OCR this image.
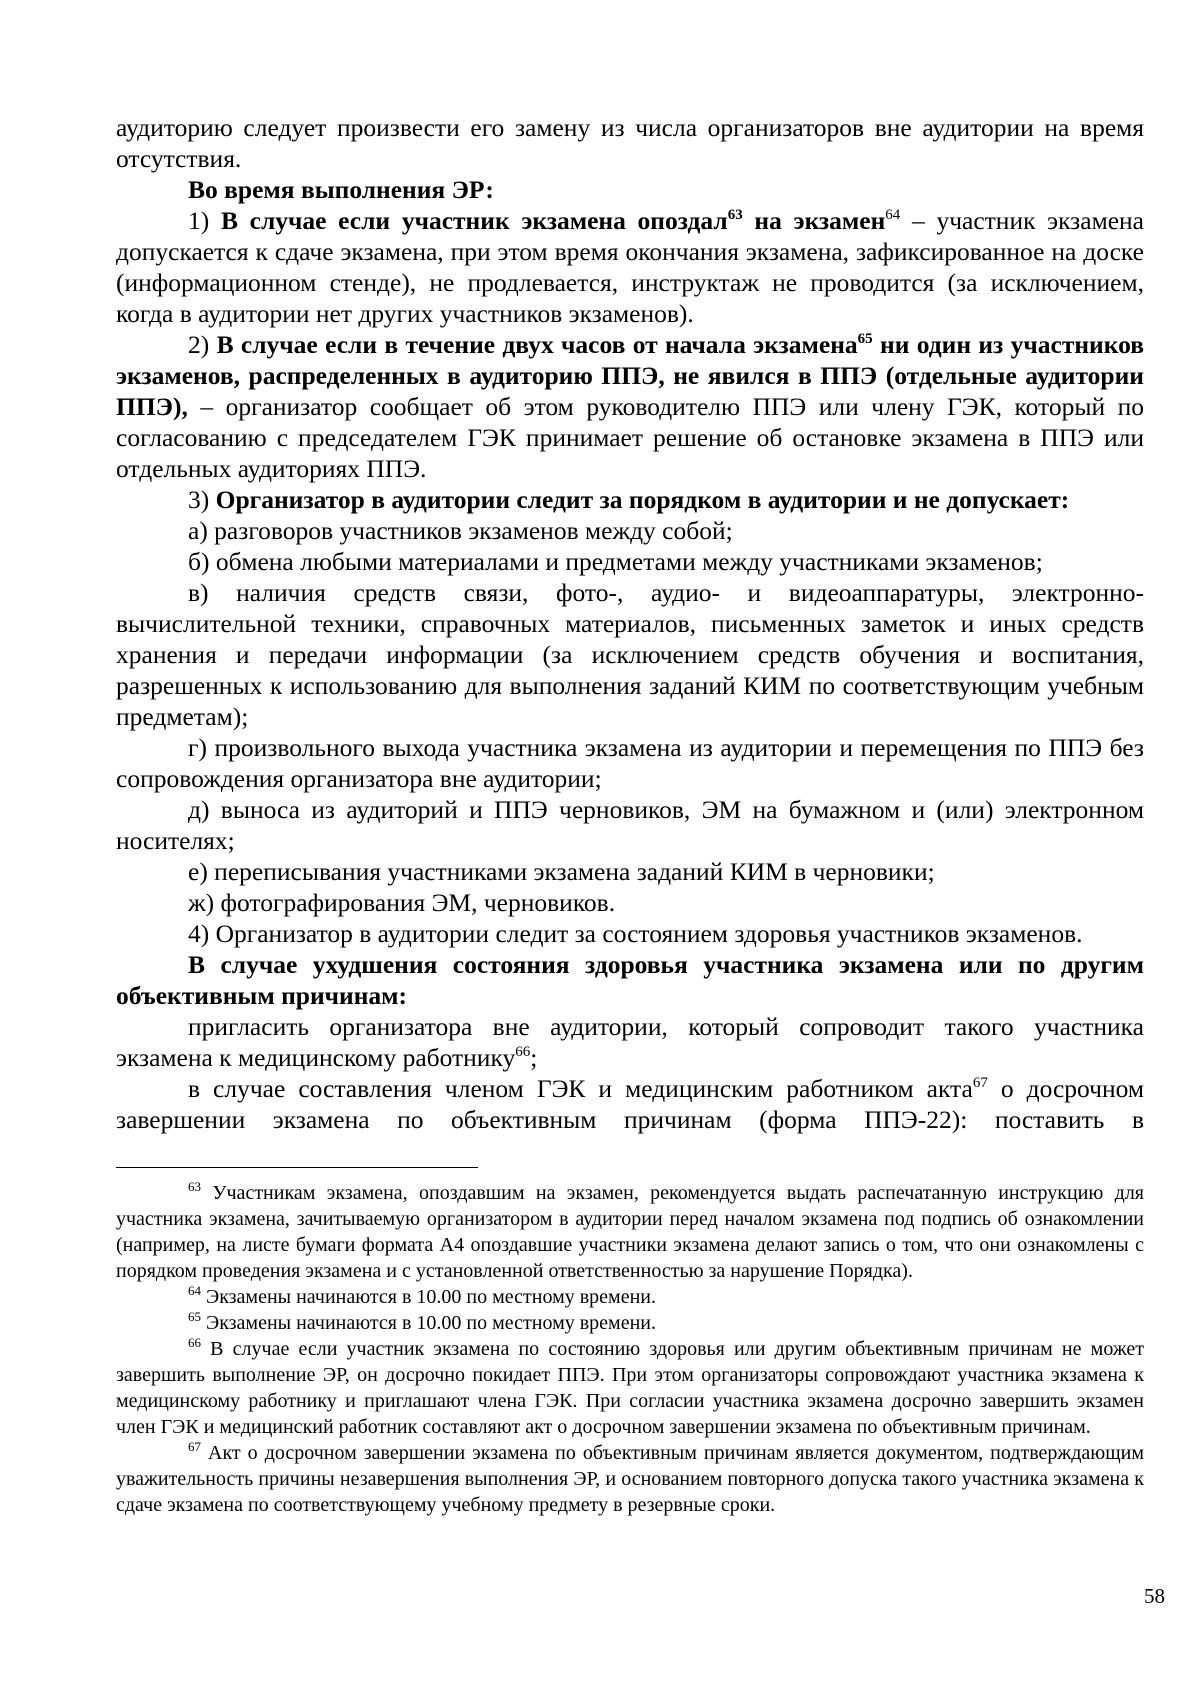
аудиторию следует произвести его замену из числа организаторов вне аудитории на время отсутствия.

Во время выполнения ЭР:

1) В случае если участник экзамена опоздал$^{63}$ на экзамен$^{64}$ – участник экзамена допускается к сдаче экзамена, при этом время окончания экзамена, зафиксированное на доске (информационном стенде), не продлевается, инструктаж не проводится (за исключением, когда в аудитории нет других участников экзаменов).

2) В случае если в течение двух часов от начала экзамена$^{65}$ ни один из участников экзаменов, распределенных в аудиторию ППЭ, не явился в ППЭ (отдельные аудитории ППЭ), – организатор сообщает об этом руководителю ППЭ или члену ГЭК, который по согласованию с председателем ГЭК принимает решение об остановке экзамена в ППЭ или отдельных аудиториях ППЭ.

3) Организатор в аудитории следит за порядком в аудитории и не допускает:

а) разговоров участников экзаменов между собой;

б) обмена любыми материалами и предметами между участниками экзаменов;

в) наличия средств связи, фото-, аудио- и видеоаппаратуры, электронно-вычислительной техники, справочных материалов, письменных заметок и иных средств хранения и передачи информации (за исключением средств обучения и воспитания, разрешенных к использованию для выполнения заданий КИМ по соответствующим учебным предметам);

г) произвольного выхода участника экзамена из аудитории и перемещения по ППЭ без сопровождения организатора вне аудитории;

д) выноса из аудиторий и ППЭ черновиков, ЭМ на бумажном и (или) электронном носителях;

е) переписывания участниками экзамена заданий КИМ в черновики;

ж) фотографирования ЭМ, черновиков.

4) Организатор в аудитории следит за состоянием здоровья участников экзаменов.

В случае ухудшения состояния здоровья участника экзамена или по другим объективным причинам:

пригласить организатора вне аудитории, который сопроводит такого участника экзамена к медицинскому работнику$^{66}$;

в случае составления членом ГЭК и медицинским работником акта$^{67}$ о досрочном завершении экзамена по объективным причинам (форма ППЭ-22): поставить в

$^{63}$ Участникам экзамена, опоздавшим на экзамен, рекомендуется выдать распечатанную инструкцию для участника экзамена, зачитываемую организатором в аудитории перед началом экзамена под подпись об ознакомлении (например, на листе бумаги формата А4 опоздавшие участники экзамена делают запись о том, что они ознакомлены с порядком проведения экзамена и с установленной ответственностью за нарушение Порядка).

$^{64}$ Экзамены начинаются в 10.00 по местному времени.

$^{65}$ Экзамены начинаются в 10.00 по местному времени.

$^{66}$ В случае если участник экзамена по состоянию здоровья или другим объективным причинам не может завершить выполнение ЭР, он досрочно покидает ППЭ. При этом организаторы сопровождают участника экзамена к медицинскому работнику и приглашают члена ГЭК. При согласии участника экзамена досрочно завершить экзамен член ГЭК и медицинский работник составляют акт о досрочном завершении экзамена по объективным причинам.

$^{67}$ Акт о досрочном завершении экзамена по объективным причинам является документом, подтверждающим уважительность причины незавершения выполнения ЭР, и основанием повторного допуска такого участника экзамена к сдаче экзамена по соответствующему учебному предмету в резервные сроки.

58
